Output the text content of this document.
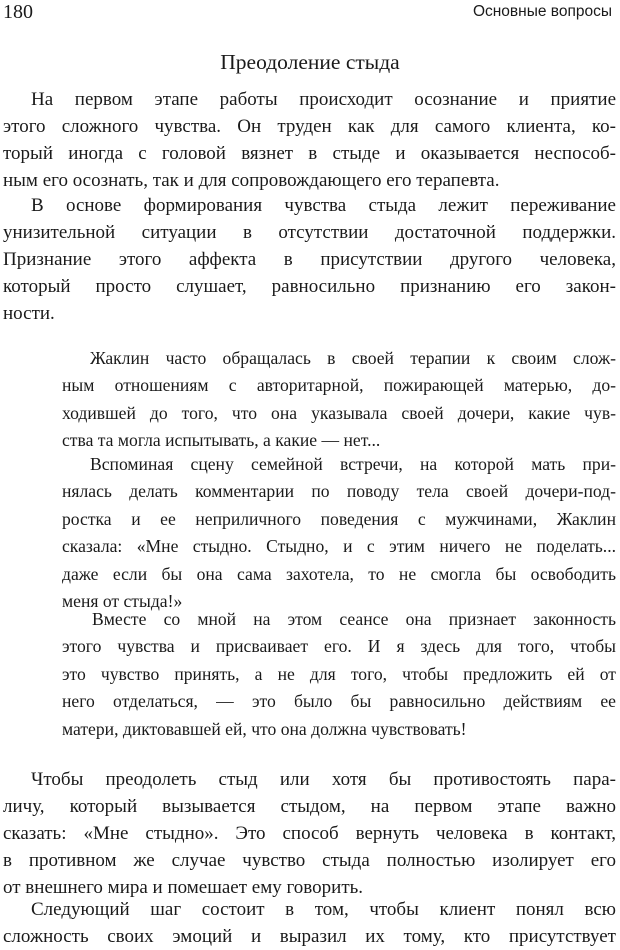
180	Основные вопросы
Преодоление стыда
На первом этапе работы происходит осознание и приятие
этого сложного чувства. Он труден как для самого клиента, ко-
торый иногда с головой вязнет в стыде и оказывается неспособ-
ным его осознать, так и для сопровождающего его терапевта.
В основе формирования чувства стыда лежит переживание
унизительной ситуации в отсутствии достаточной поддержки.
Признание этого аффекта в присутствии другого человека,
который просто слушает, равносильно признанию его закон-
ности.
Жаклин часто обращалась в своей терапии к своим слож-
ным отношениям с авторитарной, пожирающей матерью, до-
ходившей до того, что она указывала своей дочери, какие чув-
ства та могла испытывать, а какие — нет...
Вспоминая сцену семейной встречи, на которой мать при-
нялась делать комментарии по поводу тела своей дочери-под-
ростка и ее неприличного поведения с мужчинами, Жаклин
сказала: «Мне стыдно. Стыдно, и с этим ничего не поделать...
даже если бы она сама захотела, то не смогла бы освободить
меня от стыда!»
Вместе со мной на этом сеансе она признает законность
этого чувства и присваивает его. И я здесь для того, чтобы
это чувство принять, а не для того, чтобы предложить ей от
него отделаться, — это было бы равносильно действиям ее
матери, диктовавшей ей, что она должна чувствовать!
Чтобы преодолеть стыд или хотя бы противостоять пара-
личу, который вызывается стыдом, на первом этапе важно
сказать: «Мне стыдно». Это способ вернуть человека в контакт,
в противном же случае чувство стыда полностью изолирует его
от внешнего мира и помешает ему говорить.
Следующий шаг состоит в том, чтобы клиент понял всю
сложность своих эмоций и выразил их тому, кто присутствует
